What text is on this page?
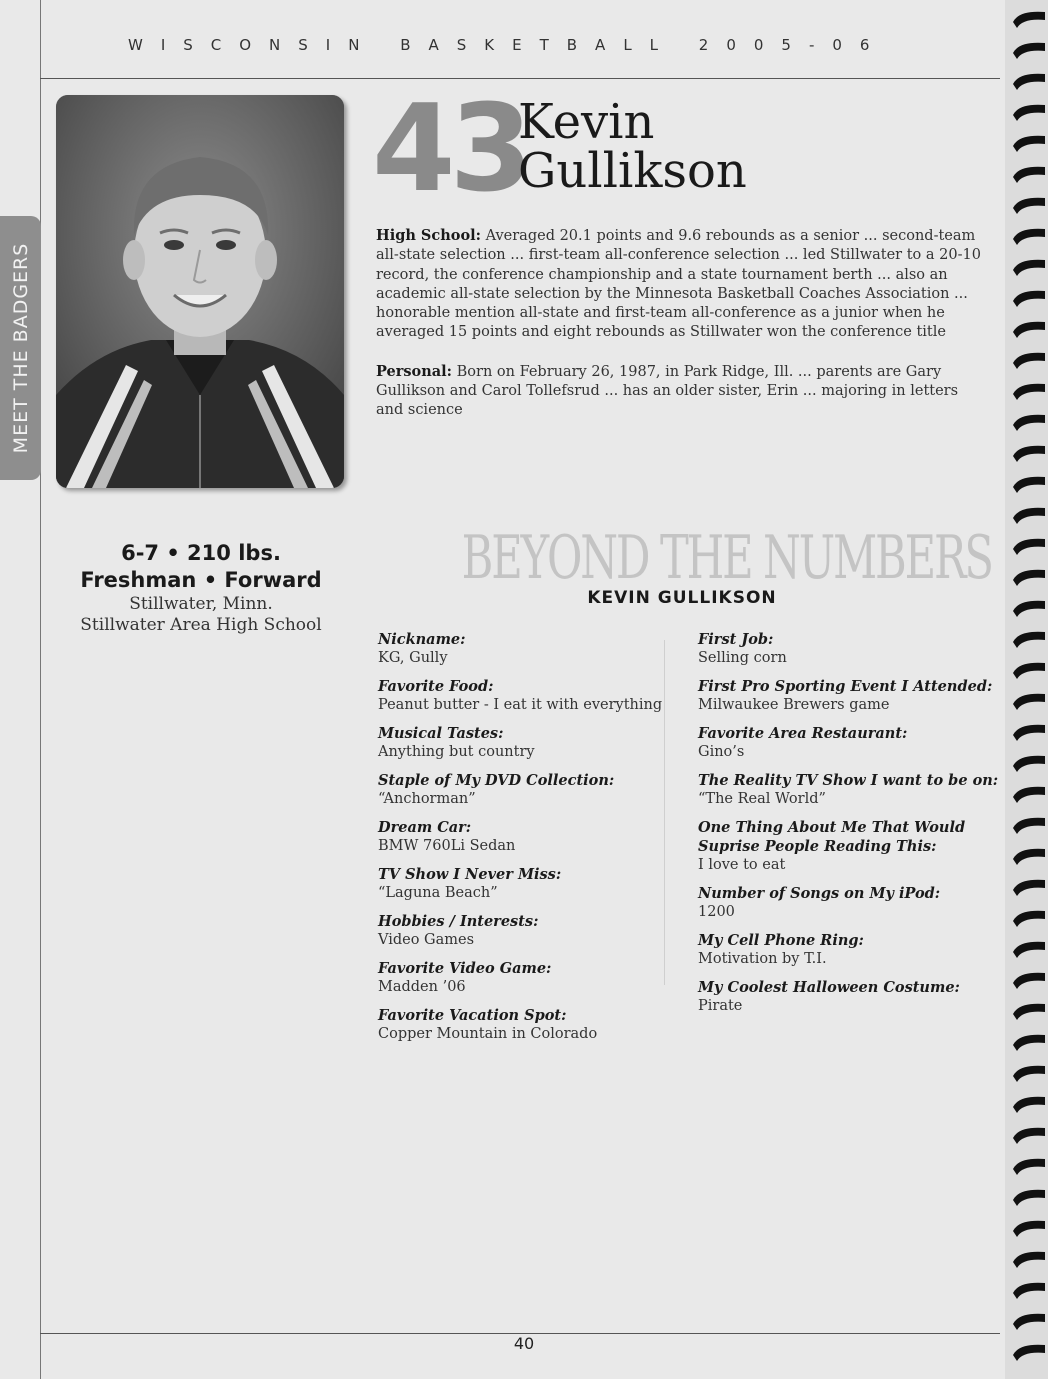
WISCONSIN BASKETBALL 2005-06
MEET THE BADGERS
43
Kevin
Gullikson

High School: Averaged 20.1 points and 9.6 rebounds as a senior ... second-team all-state selection ... first-team all-conference selection ... led Stillwater to a 20-10 record, the conference championship and a state tournament berth ... also an academic all-state selection by the Minnesota Basketball Coaches Association ... honorable mention all-state and first-team all-conference as a junior when he averaged 15 points and eight rebounds as Stillwater won the conference title

Personal: Born on February 26, 1987, in Park Ridge, Ill. ... parents are Gary Gullikson and Carol Tollefsrud ... has an older sister, Erin ... majoring in letters and science

6-7 • 210 lbs.
Freshman • Forward
Stillwater, Minn.
Stillwater Area High School
BEYOND THE NUMBERS
KEVIN GULLIKSON
Nickname:
KG, Gully
Favorite Food:
Peanut butter - I eat it with everything
Musical Tastes:
Anything but country
Staple of My DVD Collection:
“Anchorman”
Dream Car:
BMW 760Li Sedan
TV Show I Never Miss:
“Laguna Beach”
Hobbies / Interests:
Video Games
Favorite Video Game:
Madden ’06
Favorite Vacation Spot:
Copper Mountain in Colorado
First Job:
Selling corn
First Pro Sporting Event I Attended:
Milwaukee Brewers game
Favorite Area Restaurant:
Gino’s
The Reality TV Show I want to be on:
“The Real World”
One Thing About Me That Would Suprise People Reading This:
I love to eat
Number of Songs on My iPod:
1200
My Cell Phone Ring:
Motivation by T.I.
My Coolest Halloween Costume:
Pirate
40
